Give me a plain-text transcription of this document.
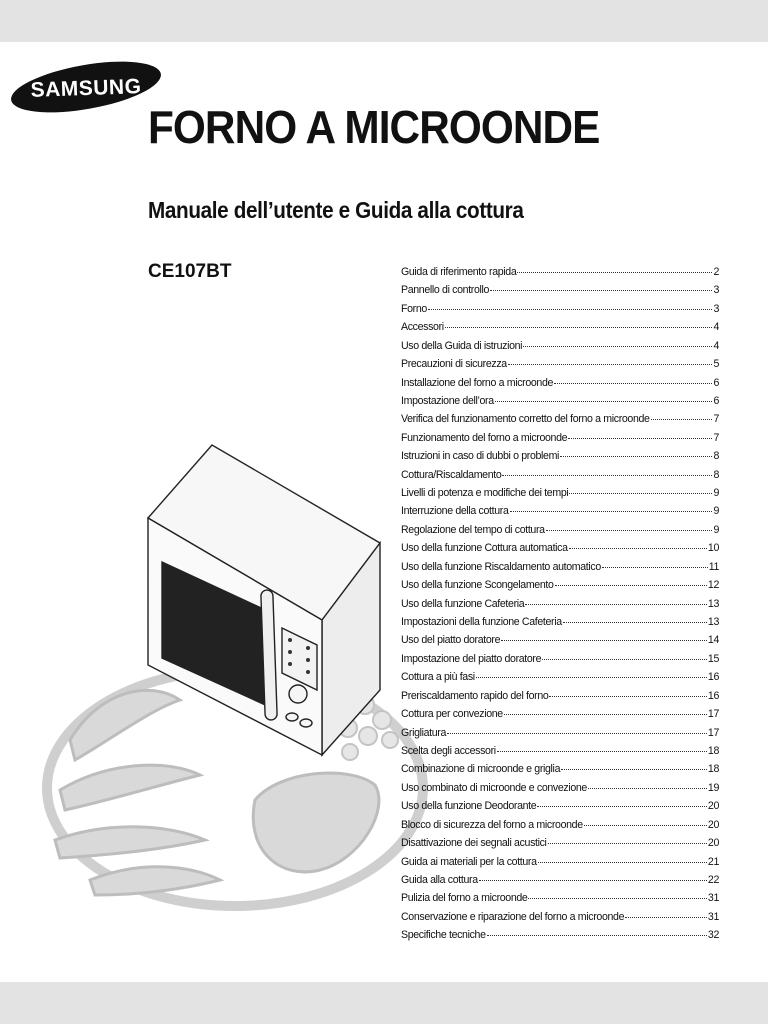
SAMSUNG
FORNO A MICROONDE
Manuale dell’utente e Guida alla cottura
CE107BT	Guida di riferimento rapida	2
Pannello di controllo	3
Forno	3
Accessori	4
Uso della Guida di istruzioni	4
Precauzioni di sicurezza	5
Installazione del forno a microonde	6
Impostazione dell’ora	6
Verifica del funzionamento corretto del forno a microonde	7
Funzionamento del forno a microonde	7
Istruzioni in caso di dubbi o problemi	8
Cottura/Riscaldamento	8
Livelli di potenza e modifiche dei tempi	9
Interruzione della cottura	9
Regolazione del tempo di cottura	9
Uso della funzione Cottura automatica	10
Uso della funzione Riscaldamento automatico	11
Uso della funzione Scongelamento	12
Uso della funzione Cafeteria	13
Impostazioni della funzione Cafeteria	13
Uso del piatto doratore	14
Impostazione del piatto doratore	15
Cottura a più fasi	16
Preriscaldamento rapido del forno	16
Cottura per convezione	17
Grigliatura	17
Scelta degli accessori	18
Combinazione di microonde e griglia	18
Uso combinato di microonde e convezione	19
Uso della funzione Deodorante	20
Blocco di sicurezza del forno a microonde	20
Disattivazione dei segnali acustici	20
Guida ai materiali per la cottura	21
Guida alla cottura	22
Pulizia del forno a microonde	31
Conservazione e riparazione del forno a microonde	31
Specifiche tecniche	32
